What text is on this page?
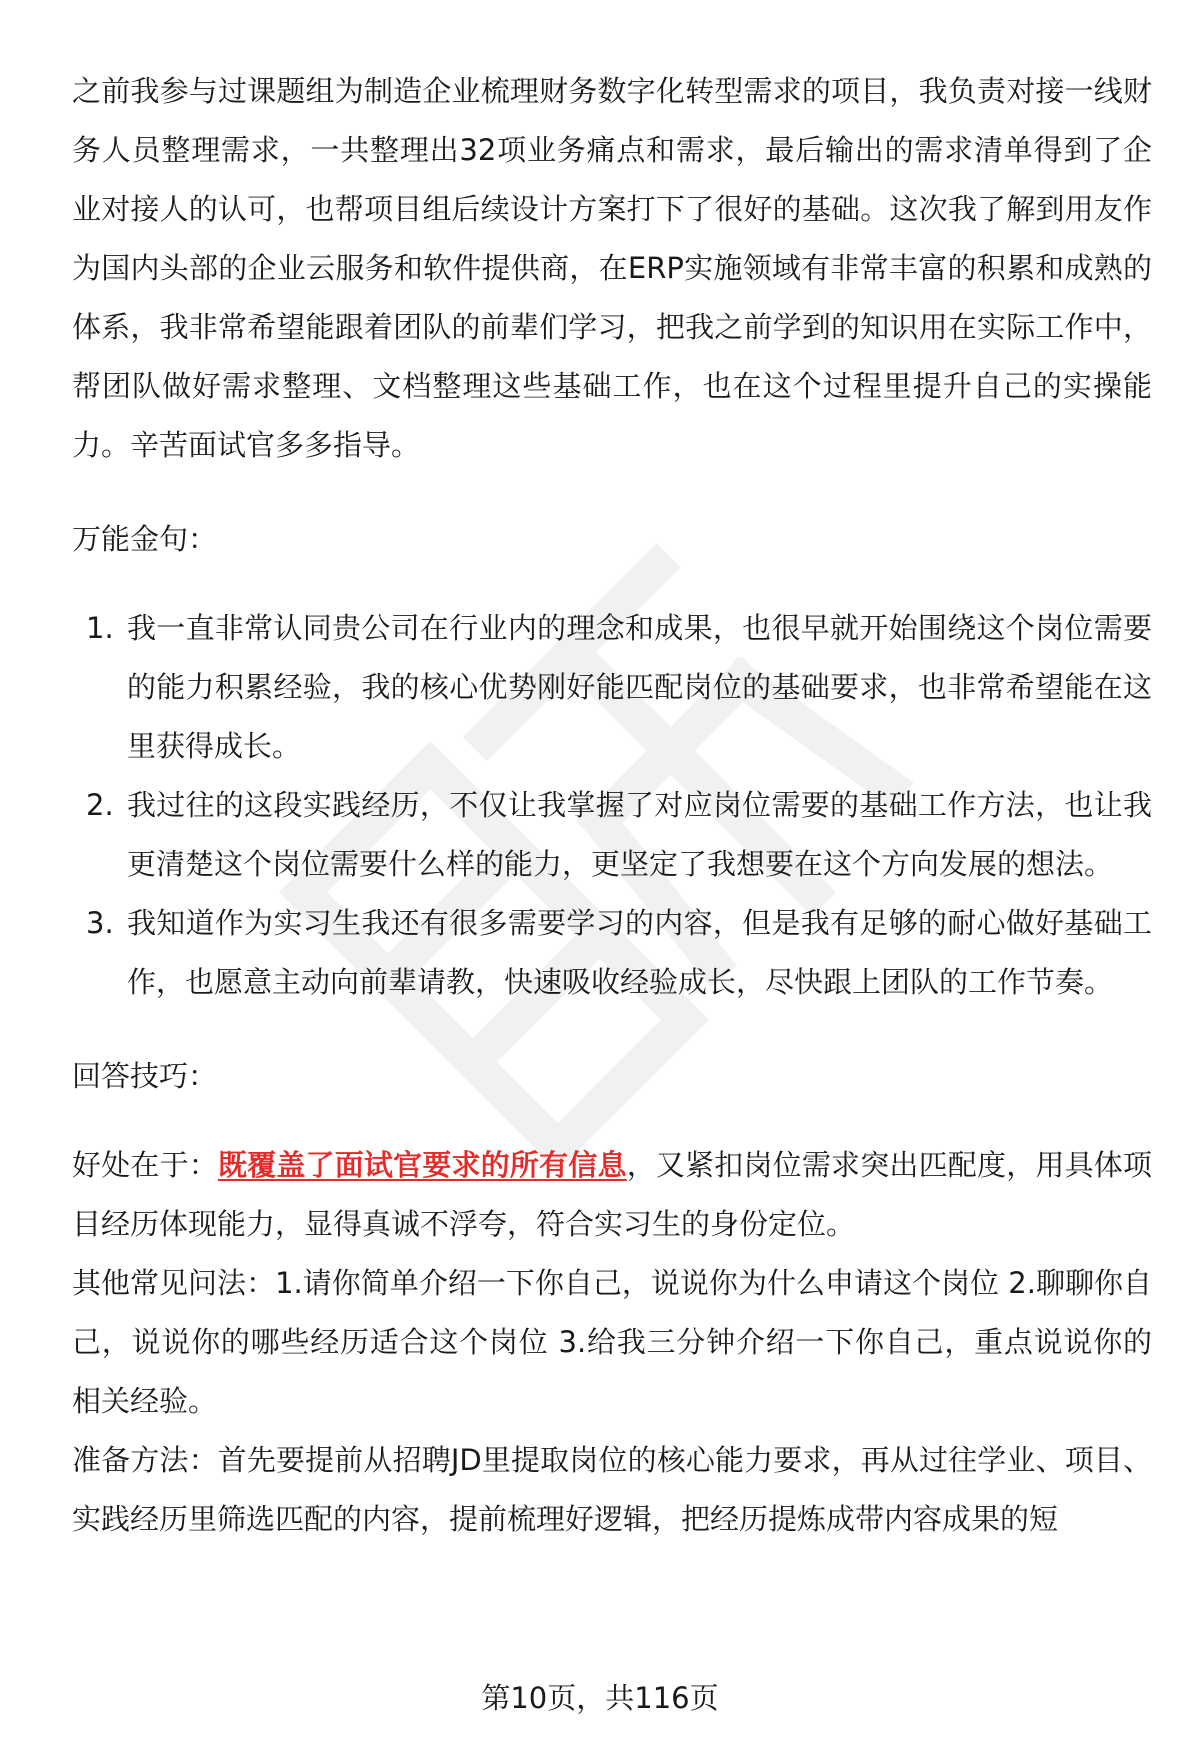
之前我参与过课题组为制造企业梳理财务数字化转型需求的项目，我负责对接一线财务人员整理需求，一共整理出32项业务痛点和需求，最后输出的需求清单得到了企业对接人的认可，也帮项目组后续设计方案打下了很好的基础。这次我了解到用友作为国内头部的企业云服务和软件提供商，在ERP实施领域有非常丰富的积累和成熟的体系，我非常希望能跟着团队的前辈们学习，把我之前学到的知识用在实际工作中，帮团队做好需求整理、文档整理这些基础工作，也在这个过程里提升自己的实操能力。辛苦面试官多多指导。

万能金句：

1. 我一直非常认同贵公司在行业内的理念和成果，也很早就开始围绕这个岗位需要的能力积累经验，我的核心优势刚好能匹配岗位的基础要求，也非常希望能在这里获得成长。
2. 我过往的这段实践经历，不仅让我掌握了对应岗位需要的基础工作方法，也让我更清楚这个岗位需要什么样的能力，更坚定了我想要在这个方向发展的想法。
3. 我知道作为实习生我还有很多需要学习的内容，但是我有足够的耐心做好基础工作，也愿意主动向前辈请教，快速吸收经验成长，尽快跟上团队的工作节奏。

回答技巧：

好处在于：既覆盖了面试官要求的所有信息，又紧扣岗位需求突出匹配度，用具体项目经历体现能力，显得真诚不浮夸，符合实习生的身份定位。

其他常见问法：1.请你简单介绍一下你自己，说说你为什么申请这个岗位 2.聊聊你自己，说说你的哪些经历适合这个岗位 3.给我三分钟介绍一下你自己，重点说说你的相关经验。

准备方法：首先要提前从招聘JD里提取岗位的核心能力要求，再从过往学业、项目、实践经历里筛选匹配的内容，提前梳理好逻辑，把经历提炼成带内容成果的短

第10页，共116页
